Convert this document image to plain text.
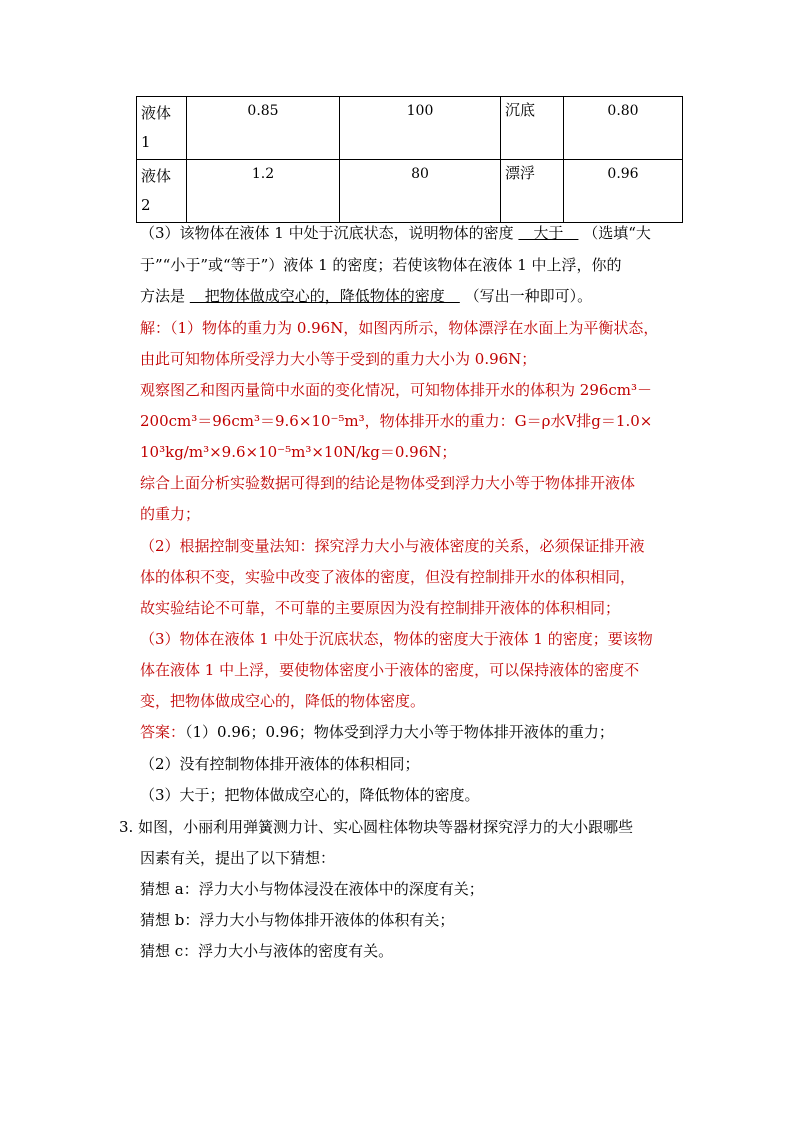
液体
1	0.85	100	沉底	0.80
液体
2	1.2	80	漂浮	0.96
（3）该物体在液体 1 中处于沉底状态，说明物体的密度 　大于　 （选填“大
于”“小于”或“等于”）液体 1 的密度；若使该物体在液体 1 中上浮，你的
方法是 　把物体做成空心的，降低物体的密度　 （写出一种即可）。
解：（1）物体的重力为 0.96N，如图丙所示，物体漂浮在水面上为平衡状态，
由此可知物体所受浮力大小等于受到的重力大小为 0.96N；
观察图乙和图丙量筒中水面的变化情况，可知物体排开水的体积为 296cm³－
200cm³＝96cm³＝9.6×10⁻⁵m³，物体排开水的重力：G＝ρ水V排g＝1.0×
10³kg/m³×9.6×10⁻⁵m³×10N/kg＝0.96N；
综合上面分析实验数据可得到的结论是物体受到浮力大小等于物体排开液体
的重力；
（2）根据控制变量法知：探究浮力大小与液体密度的关系，必须保证排开液
体的体积不变，实验中改变了液体的密度，但没有控制排开水的体积相同，
故实验结论不可靠，不可靠的主要原因为没有控制排开液体的体积相同；
（3）物体在液体 1 中处于沉底状态，物体的密度大于液体 1 的密度；要该物
体在液体 1 中上浮，要使物体密度小于液体的密度，可以保持液体的密度不
变，把物体做成空心的，降低的物体密度。
答案：（1）0.96；0.96；物体受到浮力大小等于物体排开液体的重力；
（2）没有控制物体排开液体的体积相同；
（3）大于；把物体做成空心的，降低物体的密度。
3. 如图，小丽利用弹簧测力计、实心圆柱体物块等器材探究浮力的大小跟哪些
因素有关，提出了以下猜想：
猜想 a：浮力大小与物体浸没在液体中的深度有关；
猜想 b：浮力大小与物体排开液体的体积有关；
猜想 c：浮力大小与液体的密度有关。
